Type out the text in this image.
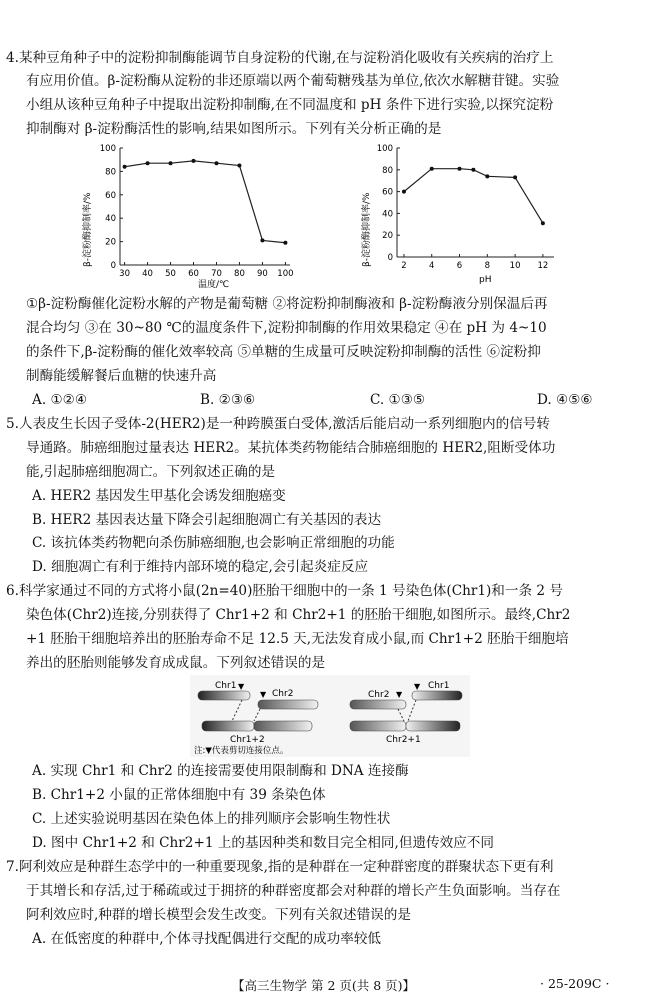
4.某种豆角种子中的淀粉抑制酶能调节自身淀粉的代谢,在与淀粉消化吸收有关疾病的治疗上
有应用价值。β-淀粉酶从淀粉的非还原端以两个葡萄糖残基为单位,依次水解糖苷键。实验
小组从该种豆角种子中提取出淀粉抑制酶,在不同温度和 pH 条件下进行实验,以探究淀粉
抑制酶对 β-淀粉酶活性的影响,结果如图所示。下列有关分析正确的是
0
20
40
60
80
100
30 40 50 60 70 80 90 100
β-淀粉酶抑制率/%
温度/℃
0
20
40
60
80
100
2	4	6	8 10 12
β-淀粉酶抑制率/%
pH
①β-淀粉酶催化淀粉水解的产物是葡萄糖 ②将淀粉抑制酶液和 β-淀粉酶液分别保温后再
混合均匀 ③在 30~80 ℃的温度条件下,淀粉抑制酶的作用效果稳定 ④在 pH 为 4~10
的条件下,β-淀粉酶的催化效率较高 ⑤单糖的生成量可反映淀粉抑制酶的活性 ⑥淀粉抑
制酶能缓解餐后血糖的快速升高
A. ①②④	B. ②③⑥	C. ①③⑤	D. ④⑤⑥
5.人表皮生长因子受体-2(HER2)是一种跨膜蛋白受体,激活后能启动一系列细胞内的信号转
导通路。肺癌细胞过量表达 HER2。某抗体类药物能结合肺癌细胞的 HER2,阻断受体功
能,引起肺癌细胞凋亡。下列叙述正确的是
A. HER2 基因发生甲基化会诱发细胞癌变
B. HER2 基因表达量下降会引起细胞凋亡有关基因的表达
C. 该抗体类药物靶向杀伤肺癌细胞,也会影响正常细胞的功能
D. 细胞凋亡有利于维持内部环境的稳定,会引起炎症反应
6.科学家通过不同的方式将小鼠(2n=40)胚胎干细胞中的一条 1 号染色体(Chr1)和一条 2 号
染色体(Chr2)连接,分别获得了 Chr1+2 和 Chr2+1 的胚胎干细胞,如图所示。最终,Chr2
+1 胚胎干细胞培养出的胚胎寿命不足 12.5 天,无法发育成小鼠,而 Chr1+2 胚胎干细胞培
养出的胚胎则能够发育成成鼠。下列叙述错误的是
Chr1 ▼
Chr2
▼
Chr1+2
注:▼代表剪切连接位点。
Chr2 ▼
▼ Chr1
Chr2+1
A. 实现 Chr1 和 Chr2 的连接需要使用限制酶和 DNA 连接酶
B. Chr1+2 小鼠的正常体细胞中有 39 条染色体
C. 上述实验说明基因在染色体上的排列顺序会影响生物性状
D. 图中 Chr1+2 和 Chr2+1 上的基因种类和数目完全相同,但遗传效应不同
7.阿利效应是种群生态学中的一种重要现象,指的是种群在一定种群密度的群聚状态下更有利
于其增长和存活,过于稀疏或过于拥挤的种群密度都会对种群的增长产生负面影响。当存在
阿利效应时,种群的增长模型会发生改变。下列有关叙述错误的是
A. 在低密度的种群中,个体寻找配偶进行交配的成功率较低
【高三生物学 第 2 页(共 8 页)】	· 25-209C ·
